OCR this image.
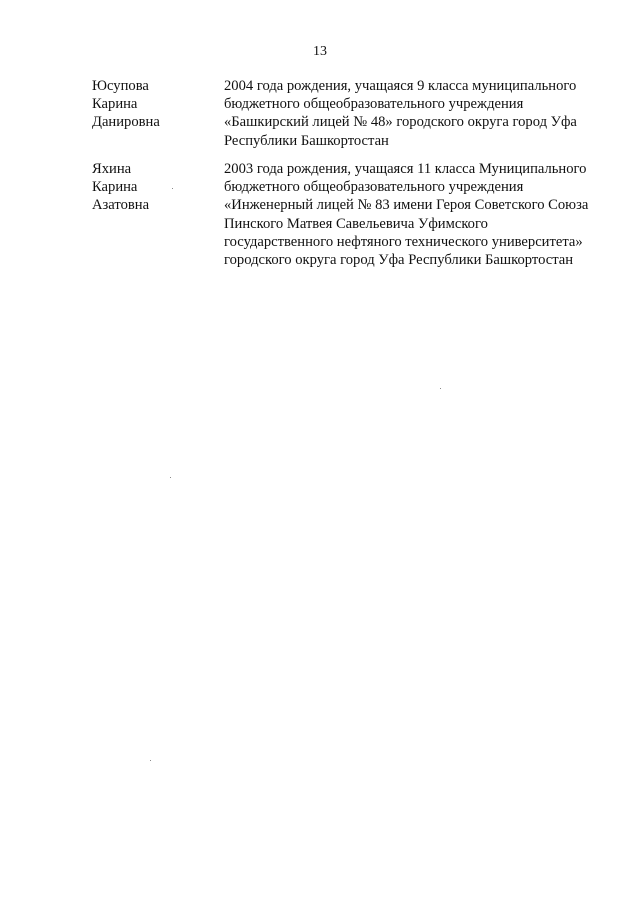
13
Юсупова
Карина
Данировна
2004 года рождения, учащаяся 9 класса муниципального
бюджетного общеобразовательного учреждения
«Башкирский лицей № 48» городского округа город Уфа
Республики Башкортостан
Яхина
Карина
Азатовна
2003 года рождения, учащаяся 11 класса Муниципального
бюджетного общеобразовательного учреждения
«Инженерный лицей № 83 имени Героя Советского Союза
Пинского Матвея Савельевича Уфимского
государственного нефтяного технического университета»
городского округа город Уфа Республики Башкортостан
